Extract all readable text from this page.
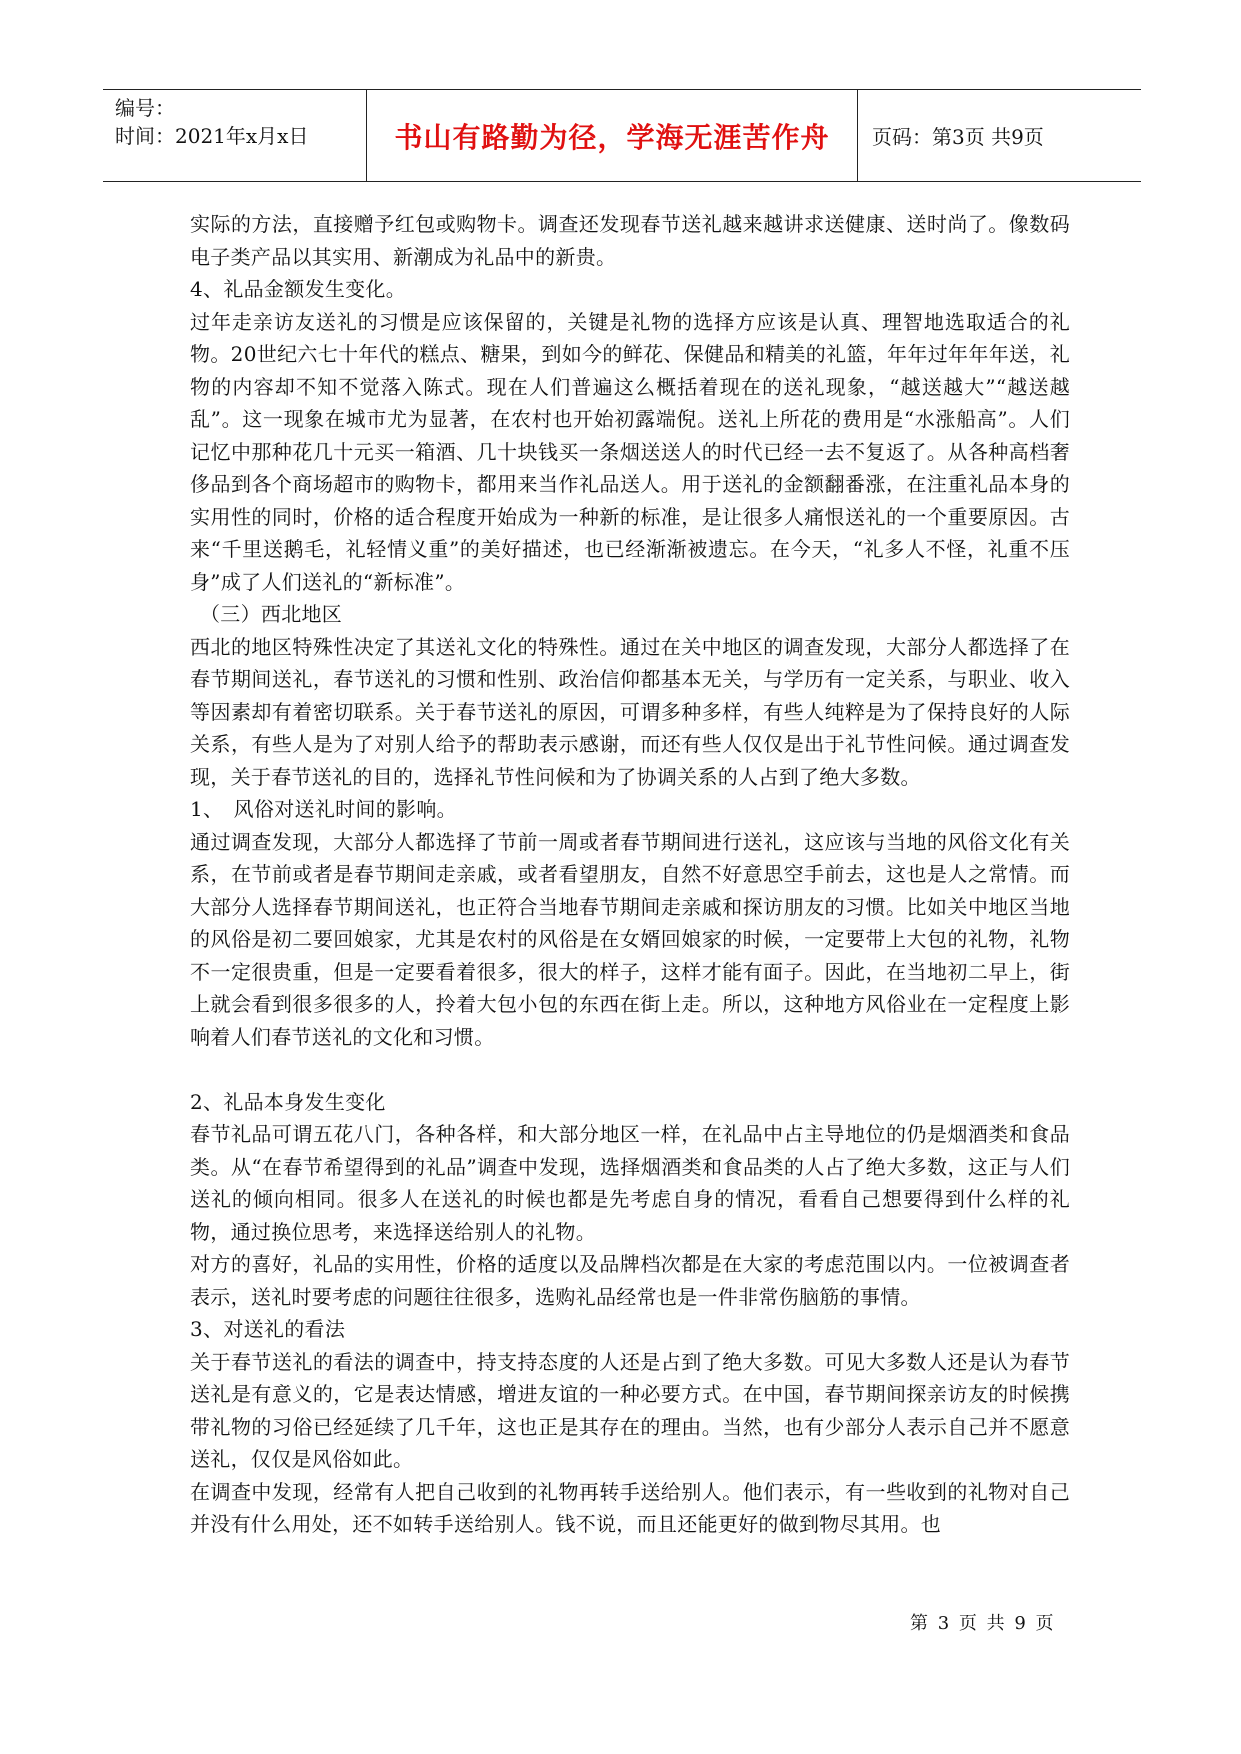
编号：
时间：2021年x月x日	书山有路勤为径，学海无涯苦作舟	页码：第3页 共9页

实际的方法，直接赠予红包或购物卡。调查还发现春节送礼越来越讲求送健康、送时尚了。像数码电子类产品以其实用、新潮成为礼品中的新贵。

4、礼品金额发生变化。

过年走亲访友送礼的习惯是应该保留的，关键是礼物的选择方应该是认真、理智地选取适合的礼物。20世纪六七十年代的糕点、糖果，到如今的鲜花、保健品和精美的礼篮，年年过年年年送，礼物的内容却不知不觉落入陈式。现在人们普遍这么概括着现在的送礼现象，“越送越大”“越送越乱”。这一现象在城市尤为显著，在农村也开始初露端倪。送礼上所花的费用是“水涨船高”。人们记忆中那种花几十元买一箱酒、几十块钱买一条烟送送人的时代已经一去不复返了。从各种高档奢侈品到各个商场超市的购物卡，都用来当作礼品送人。用于送礼的金额翻番涨，在注重礼品本身的实用性的同时，价格的适合程度开始成为一种新的标准，是让很多人痛恨送礼的一个重要原因。古来“千里送鹅毛，礼轻情义重”的美好描述，也已经渐渐被遗忘。在今天，“礼多人不怪，礼重不压身”成了人们送礼的“新标准”。

（三）西北地区

西北的地区特殊性决定了其送礼文化的特殊性。通过在关中地区的调查发现，大部分人都选择了在春节期间送礼，春节送礼的习惯和性别、政治信仰都基本无关，与学历有一定关系，与职业、收入等因素却有着密切联系。关于春节送礼的原因，可谓多种多样，有些人纯粹是为了保持良好的人际关系，有些人是为了对别人给予的帮助表示感谢，而还有些人仅仅是出于礼节性问候。通过调查发现，关于春节送礼的目的，选择礼节性问候和为了协调关系的人占到了绝大多数。

1、　风俗对送礼时间的影响。

通过调查发现，大部分人都选择了节前一周或者春节期间进行送礼，这应该与当地的风俗文化有关系，在节前或者是春节期间走亲戚，或者看望朋友，自然不好意思空手前去，这也是人之常情。而大部分人选择春节期间送礼，也正符合当地春节期间走亲戚和探访朋友的习惯。比如关中地区当地的风俗是初二要回娘家，尤其是农村的风俗是在女婿回娘家的时候，一定要带上大包的礼物，礼物不一定很贵重，但是一定要看着很多，很大的样子，这样才能有面子。因此，在当地初二早上，街上就会看到很多很多的人，拎着大包小包的东西在街上走。所以，这种地方风俗业在一定程度上影响着人们春节送礼的文化和习惯。

2、礼品本身发生变化

春节礼品可谓五花八门，各种各样，和大部分地区一样，在礼品中占主导地位的仍是烟酒类和食品类。从“在春节希望得到的礼品”调查中发现，选择烟酒类和食品类的人占了绝大多数，这正与人们送礼的倾向相同。很多人在送礼的时候也都是先考虑自身的情况，看看自己想要得到什么样的礼物，通过换位思考，来选择送给别人的礼物。

对方的喜好，礼品的实用性，价格的适度以及品牌档次都是在大家的考虑范围以内。一位被调查者表示，送礼时要考虑的问题往往很多，选购礼品经常也是一件非常伤脑筋的事情。

3、对送礼的看法

关于春节送礼的看法的调查中，持支持态度的人还是占到了绝大多数。可见大多数人还是认为春节送礼是有意义的，它是表达情感，增进友谊的一种必要方式。在中国，春节期间探亲访友的时候携带礼物的习俗已经延续了几千年，这也正是其存在的理由。当然，也有少部分人表示自己并不愿意送礼，仅仅是风俗如此。

在调查中发现，经常有人把自己收到的礼物再转手送给别人。他们表示，有一些收到的礼物对自己并没有什么用处，还不如转手送给别人。钱不说，而且还能更好的做到物尽其用。也

第 3 页 共 9 页
